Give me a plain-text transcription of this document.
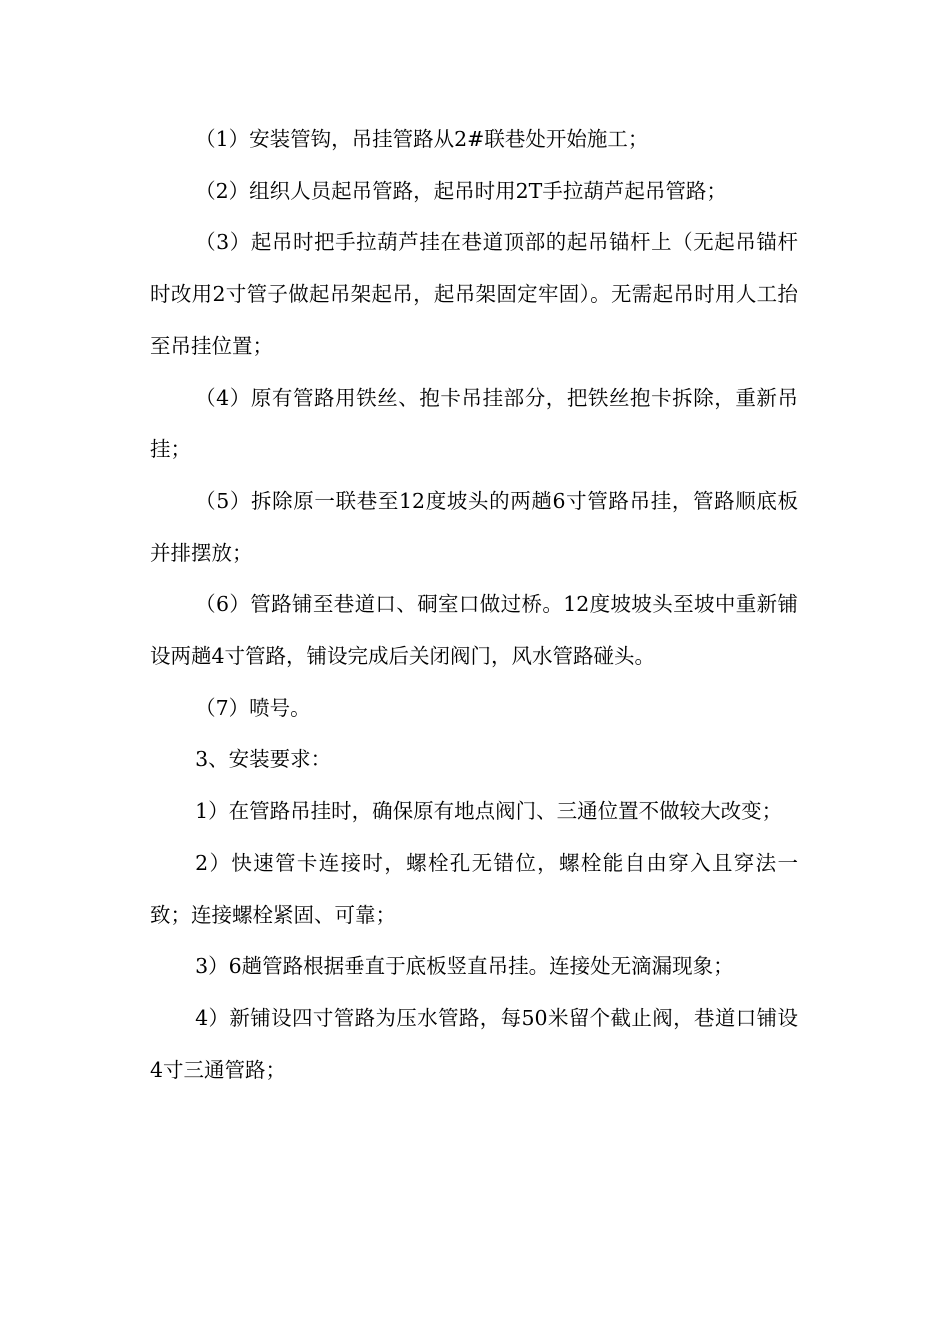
（1）安装管钩，吊挂管路从2#联巷处开始施工；

（2）组织人员起吊管路，起吊时用2T手拉葫芦起吊管路；

（3）起吊时把手拉葫芦挂在巷道顶部的起吊锚杆上（无起吊锚杆时改用2寸管子做起吊架起吊，起吊架固定牢固）。无需起吊时用人工抬至吊挂位置；

（4）原有管路用铁丝、抱卡吊挂部分，把铁丝抱卡拆除，重新吊挂；

（5）拆除原一联巷至12度坡头的两趟6寸管路吊挂，管路顺底板并排摆放；

（6）管路铺至巷道口、硐室口做过桥。12度坡坡头至坡中重新铺设两趟4寸管路，铺设完成后关闭阀门，风水管路碰头。

（7）喷号。

3、安装要求：

1）在管路吊挂时，确保原有地点阀门、三通位置不做较大改变；

2）快速管卡连接时，螺栓孔无错位，螺栓能自由穿入且穿法一致；连接螺栓紧固、可靠；

3）6趟管路根据垂直于底板竖直吊挂。连接处无滴漏现象；

4）新铺设四寸管路为压水管路，每50米留个截止阀，巷道口铺设4寸三通管路；
